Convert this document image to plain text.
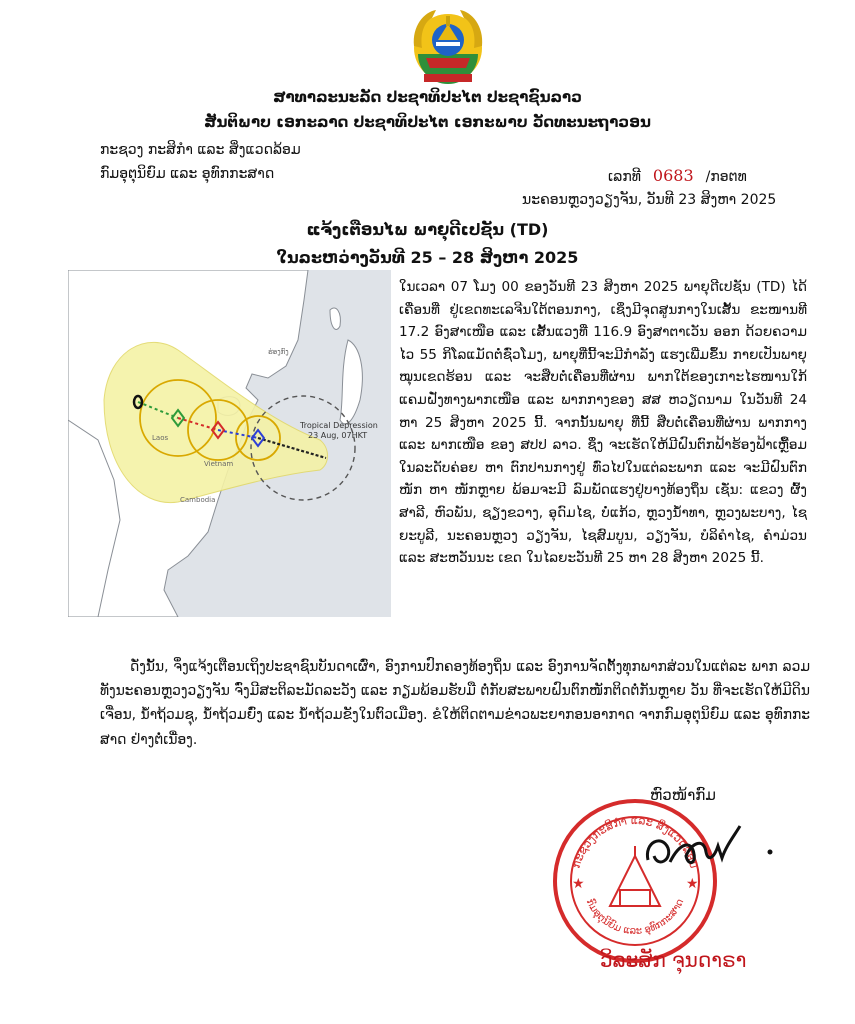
ສາທາລະນະລັດ ປະຊາທິປະໄຕ ປະຊາຊົນລາວ
ສັນຕິພາບ ເອກະລາດ ປະຊາທິປະໄຕ ເອກະພາບ ວັດທະນະຖາວອນ
ກະຊວງ ກະສິກຳ ແລະ ສິ່ງແວດລ້ອມ
ກົມອຸຕຸນິຍົມ ແລະ ອຸທົກກະສາດ	ເລກທີ 0683 /ກອຕທ
ນະຄອນຫຼວງວຽງຈັນ, ວັນທີ 23 ສິງຫາ 2025
ແຈ້ງເຕືອນໄພ ພາຍຸດີເປຊັນ (TD)
ໃນລະຫວ່າງວັນທີ 25 – 28 ສິງຫາ 2025
Tropical Depression
23 Aug, 07HKT
ຮ່ອງກົງ
Laos
Vietnam
Cambodia
ໃນເວລາ 07 ໂມງ 00 ຂອງວັນທີ 23 ສິງຫາ 2025 ພາຍຸດີເປຊັນ (TD) ໄດ້ເຄື່ອນທີ່ ຢູ່ເຂດທະເລຈີນໃຕ້ຕອນກາງ, ເຊິ່ງມີຈຸດສູນກາງໃນເສັ້ນ ຂະໜານທີ 17.2 ອົງສາເໜືອ ແລະ ເສັ້ນແວງທີ່ 116.9 ອົງສາຕາເວັນ ອອກ ດ້ວຍຄວາມໄວ 55 ກິໂລແມັດຕໍ່ຊົ່ວໂມງ, ພາຍຸທີ່ນີ້ຈະມີກຳລັງ ແຮງເພີ່ມຂຶ້ນ ກາຍເປັນພາຍຸໝຸນເຂດຮ້ອນ ແລະ ຈະສືບຕໍ່ເຄື່ອນທີ່ຜ່ານ ພາກໃຕ້ຂອງເກາະໄຮໜານໃກ້ແຄມຝັ່ງທາງພາກເໜືອ ແລະ ພາກກາງຂອງ ສສ ຫວຽດນາມ ໃນວັນທີ 24 ຫາ 25 ສິງຫາ 2025 ນີ້. ຈາກນັ້ນພາຍຸ ທີ່ນີ້ ສືບຕໍ່ເຄື່ອນທີ່ຜ່ານ ພາກກາງ ແລະ ພາກເໜືອ ຂອງ ສປປ ລາວ. ຊຶ່ງ ຈະເຮັດໃຫ້ມີຝົນຕົກຟ້າຮ້ອງຟ້າເຫຼື້ອມ ໃນລະດັບຄ່ອຍ ຫາ ຕົກປານກາງຢູ່ ທົ່ວໄປໃນແຕ່ລະພາກ ແລະ ຈະມີຝົນຕົກໜັກ ຫາ ໜັກຫຼາຍ ພ້ອມຈະມີ ລົມພັດແຮງຢູ່ບາງທ້ອງຖິ່ນ ເຊັ່ນ: ແຂວງ ຜົ້ງສາລີ, ຫົວພັນ, ຊຽງຂວາງ, ອຸດົມໄຊ, ບໍ່ແກ້ວ, ຫຼວງນ້ຳທາ, ຫຼວງພະບາງ, ໄຊຍະບູລີ, ນະຄອນຫຼວງ ວຽງຈັນ, ໄຊສົມບູນ, ວຽງຈັນ, ບໍລິຄຳໄຊ, ຄຳມ່ວນ ແລະ ສະຫວັນນະ ເຂດ ໃນໄລຍະວັນທີ 25 ຫາ 28 ສິງຫາ 2025 ນີ້.
ດັ່ງນັ້ນ, ຈຶ່ງແຈ້ງເຕືອນເຖິງປະຊາຊົນບັນດາເຜົ່າ, ອົງການປົກຄອງທ້ອງຖິ່ນ ແລະ ອົງການຈັດຕັ້ງທຸກພາກສ່ວນໃນແຕ່ລະ ພາກ ລວມທັງນະຄອນຫຼວງວຽງຈັນ ຈົ່ງມີສະຕິລະມັດລະວັງ ແລະ ກຽມພ້ອມຮັບມື ຕໍ່ກັບສະພາບຝົນຕົກໜັກຕິດຕໍ່ກັນຫຼາຍ ວັນ ທີ່ຈະເຮັດໃຫ້ມີດິນເຈື່ອນ, ນ້ຳຖ້ວມຊຸ, ນ້ຳຖ້ວມຍົ່ງ ແລະ ນ້ຳຖ້ວມຂັງໃນຕົວເມືອງ. ຂໍໃຫ້ຕິດຕາມຂ່າວພະຍາກອນອາກາດ ຈາກກົມອຸຕຸນິຍົມ ແລະ ອຸທົກກະສາດ ຢ່າງຕໍ່ເນື່ອງ.
ຫົວໜ້າກົມ
ກະຊວງກະສິກຳ ແລະ ສິ່ງແວດລ້ອມ
ກົມອຸຕຸນິຍົມ ແລະ ອຸທົກກະສາດ
★	★
ວິລະສັກ ຈຸນດາຣາ
